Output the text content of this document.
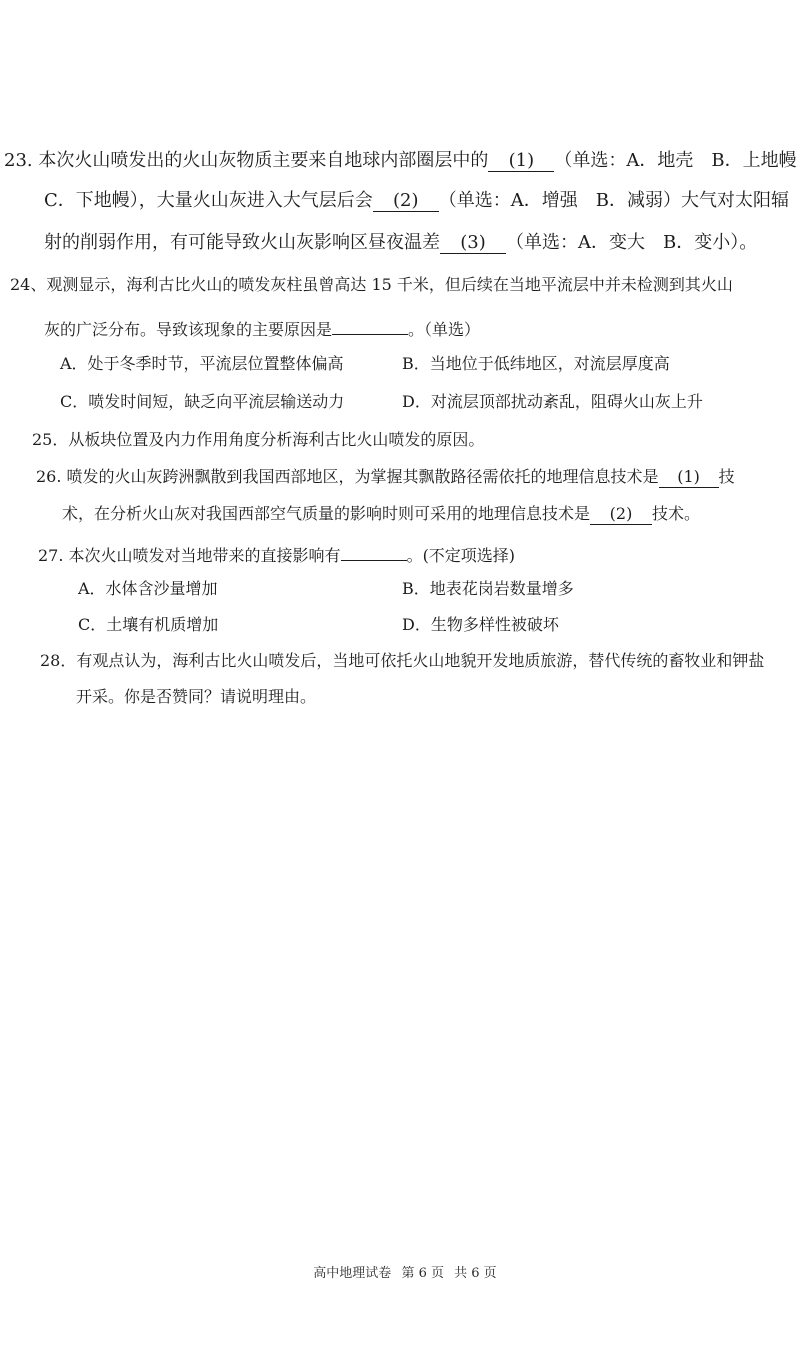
23. 本次火山喷发出的火山灰物质主要来自地球内部圈层中的 (1) （单选：A．地壳　B．上地幔
C．下地幔），大量火山灰进入大气层后会 (2) （单选：A．增强　B．减弱）大气对太阳辐
射的削弱作用，有可能导致火山灰影响区昼夜温差 (3) （单选：A．变大　B．变小）。
24、观测显示，海利古比火山的喷发灰柱虽曾高达 15 千米，但后续在当地平流层中并未检测到其火山
灰的广泛分布。导致该现象的主要原因是	。（单选）
A．处于冬季时节，平流层位置整体偏高	B．当地位于低纬地区，对流层厚度高
C．喷发时间短，缺乏向平流层输送动力	D．对流层顶部扰动紊乱，阻碍火山灰上升
25．从板块位置及内力作用角度分析海利古比火山喷发的原因。
26. 喷发的火山灰跨洲飘散到我国西部地区，为掌握其飘散路径需依托的地理信息技术是 (1) 技
术，在分析火山灰对我国西部空气质量的影响时则可采用的地理信息技术是 (2) 技术。
27. 本次火山喷发对当地带来的直接影响有	。(不定项选择)
A．水体含沙量增加	B．地表花岗岩数量增多
C．土壤有机质增加	D．生物多样性被破坏
28．有观点认为，海利古比火山喷发后，当地可依托火山地貌开发地质旅游，替代传统的畜牧业和钾盐
开采。你是否赞同？请说明理由。
高中地理试卷 第 6 页 共 6 页
